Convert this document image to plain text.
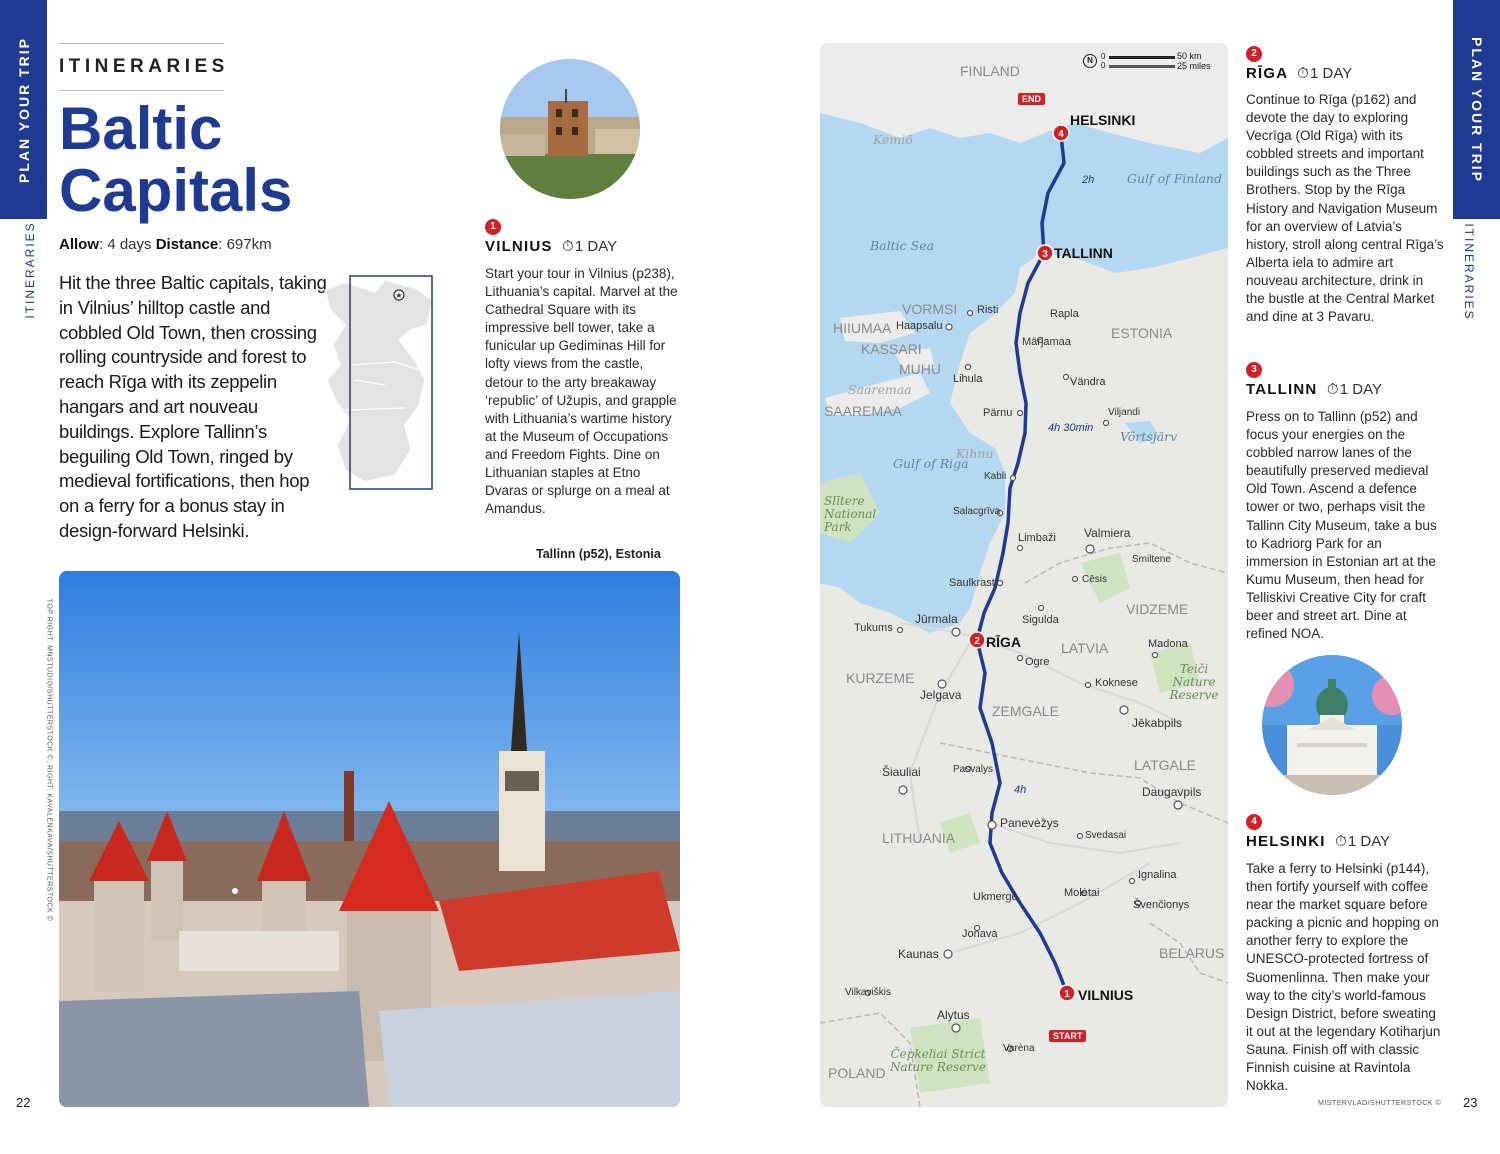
PLAN YOUR TRIP
ITINERARIES
PLAN YOUR TRIP
ITINERARIES
ITINERARIES
Baltic
Capitals
Allow: 4 days Distance: 697km
Hit the three Baltic capitals, taking in Vilnius’ hilltop castle and cobbled Old Town, then crossing rolling countryside and forest to reach Rīga with its zeppelin hangars and art nouveau buildings. Explore Tallinn’s beguiling Old Town, ringed by medieval fortifications, then hop on a ferry for a bonus stay in design-forward Helsinki.
★
1
VILNIUS ⏱1 DAY
Start your tour in Vilnius (p238), Lithuania’s capital. Marvel at the Cathedral Square with its impressive bell tower, take a funicular up Gediminas Hill for lofty views from the castle, detour to the arty breakaway ‘republic’ of Užupis, and grapple with Lithuania’s wartime history at the Museum of Occupations and Freedom Fights. Dine on Lithuanian staples at Etno Dvaras or splurge on a meal at Amandus.
Tallinn (p52), Estonia
TOP RIGHT: MNSTUDIO/SHUTTERSTOCK ©; RIGHT: KAVALENKAVA/SHUTTERSTOCK ©
22
4
3
2
1
N	0
0
50 km
25 miles
END
START
HELSINKI
TALLINN
RĪGA
VILNIUS
2h
4h 30min
4h
FINLAND
ESTONIA
LATVIA
LITHUANIA
BELARUS
POLAND
VORMSI
HIIUMAA
KASSARI
MUHU
SAAREMAA
VIDZEME
KURZEME
ZEMGALE
LATGALE
Gulf of Finland
Baltic Sea
Gulf of Riga
Saaremaa
Kihnu
Võrtsjärv
Kemiö
Slītere National Park
Teiči Nature Reserve
Čepkeliai Strict Nature Reserve
Risti	Rapla
Haapsalu
Märjamaa
Lihula	Vändra
Pärnu	Viljandi
Kabli
Salacgrīva
Limbaži Valmiera
Smiltene
Cēsis
Saulkrasti
Sigulda
Jūrmala
Tukums
Ogre
Madona
Jelgava
Koknese
Jēkabpils
Šiauliai	Pasvalys
Daugavpils
Panevėžys
Svedasai
Ignalina
Molėtai
Ukmergė
Švenčionys
Jonava
Kaunas
Vilkaviškis
Alytus
Varėna
2
RĪGA ⏱1 DAY
Continue to Rīga (p162) and devote the day to exploring Vecrīga (Old Rīga) with its cobbled streets and important buildings such as the Three Brothers. Stop by the Rīga History and Navigation Museum for an overview of Latvia’s history, stroll along central Rīga’s Alberta iela to admire art nouveau architecture, drink in the bustle at the Central Market and dine at 3 Pavaru.
3
TALLINN ⏱1 DAY
Press on to Tallinn (p52) and focus your energies on the cobbled narrow lanes of the beautifully preserved medieval Old Town. Ascend a defence tower or two, perhaps visit the Tallinn City Museum, take a bus to Kadriorg Park for an immersion in Estonian art at the Kumu Museum, then head for Telliskivi Creative City for craft beer and street art. Dine at refined NOA.
4
HELSINKI ⏱1 DAY
Take a ferry to Helsinki (p144), then fortify yourself with coffee near the market square before packing a picnic and hopping on another ferry to explore the UNESCO-protected fortress of Suomenlinna. Then make your way to the city’s world-famous Design District, before sweating it out at the legendary Kotiharjun Sauna. Finish off with classic Finnish cuisine at Ravintola Nokka.
MISTERVLAD/SHUTTERSTOCK © 23
